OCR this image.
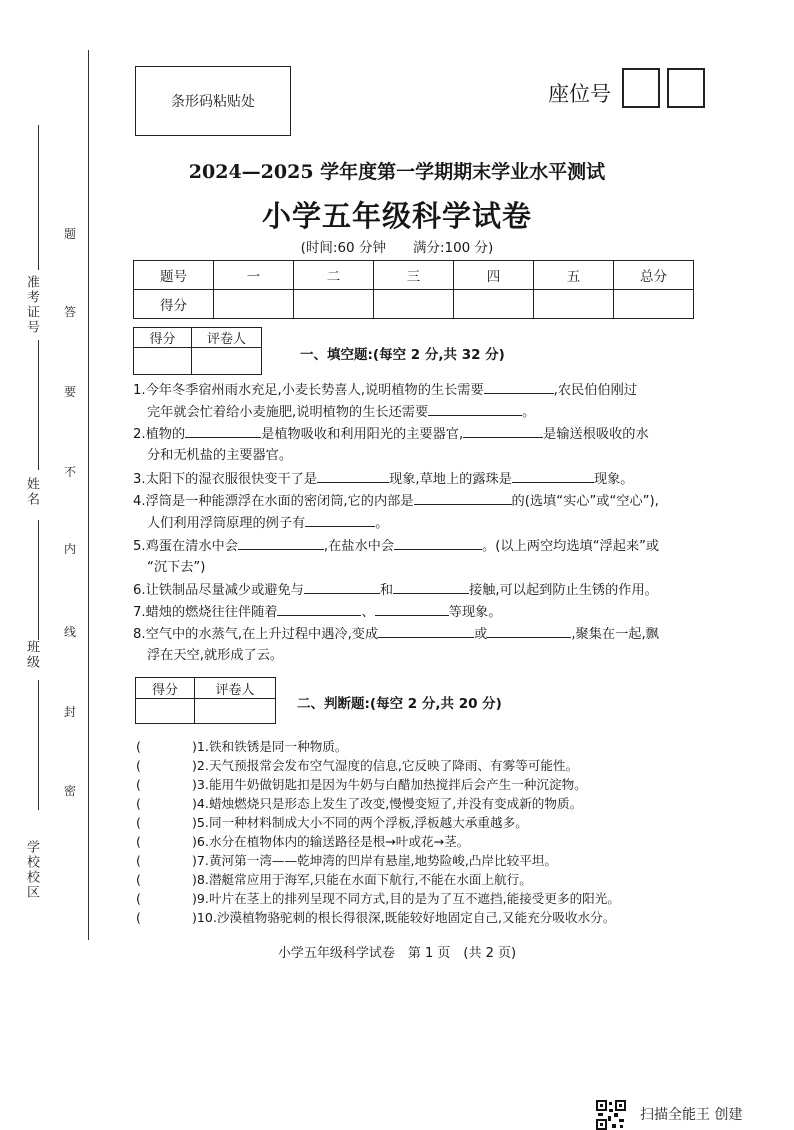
准考证号
姓名
班级
学校校区
题
答
要
不
内
线
封
密
条形码粘贴处	座位号
2024—2025 学年度第一学期期末学业水平测试
小学五年级科学试卷
(时间:60 分钟　　满分:100 分)
题号	一	二	三	四	五	总分
得分						
得分	评卷人

一、填空题:(每空 2 分,共 32 分)
1.今年冬季宿州雨水充足,小麦长势喜人,说明植物的生长需要	,农民伯伯刚过
完年就会忙着给小麦施肥,说明植物的生长还需要	。
2.植物的	是植物吸收和利用阳光的主要器官,	是输送根吸收的水
分和无机盐的主要器官。
3.太阳下的湿衣服很快变干了是	现象,草地上的露珠是	现象。
4.浮筒是一种能漂浮在水面的密闭筒,它的内部是	的(选填“实心”或“空心”),
人们利用浮筒原理的例子有	。
5.鸡蛋在清水中会	,在盐水中会	。(以上两空均选填“浮起来”或
“沉下去”)
6.让铁制品尽量减少或避免与	和	接触,可以起到防止生锈的作用。
7.蜡烛的燃烧往往伴随着	、	等现象。
8.空气中的水蒸气,在上升过程中遇冷,变成	或	,聚集在一起,飘
浮在天空,就形成了云。
得分	评卷人

二、判断题:(每空 2 分,共 20 分)
(	)1.铁和铁锈是同一种物质。
(	)2.天气预报常会发布空气湿度的信息,它反映了降雨、有雾等可能性。
(	)3.能用牛奶做钥匙扣是因为牛奶与白醋加热搅拌后会产生一种沉淀物。
(	)4.蜡烛燃烧只是形态上发生了改变,慢慢变短了,并没有变成新的物质。
(	)5.同一种材料制成大小不同的两个浮板,浮板越大承重越多。
(	)6.水分在植物体内的输送路径是根→叶或花→茎。
(	)7.黄河第一湾——乾坤湾的凹岸有悬崖,地势险峻,凸岸比较平坦。
(	)8.潜艇常应用于海军,只能在水面下航行,不能在水面上航行。
(	)9.叶片在茎上的排列呈现不同方式,目的是为了互不遮挡,能接受更多的阳光。
(	)10.沙漠植物骆驼刺的根长得很深,既能较好地固定自己,又能充分吸收水分。
小学五年级科学试卷　第 1 页　(共 2 页)
扫描全能王 创建
